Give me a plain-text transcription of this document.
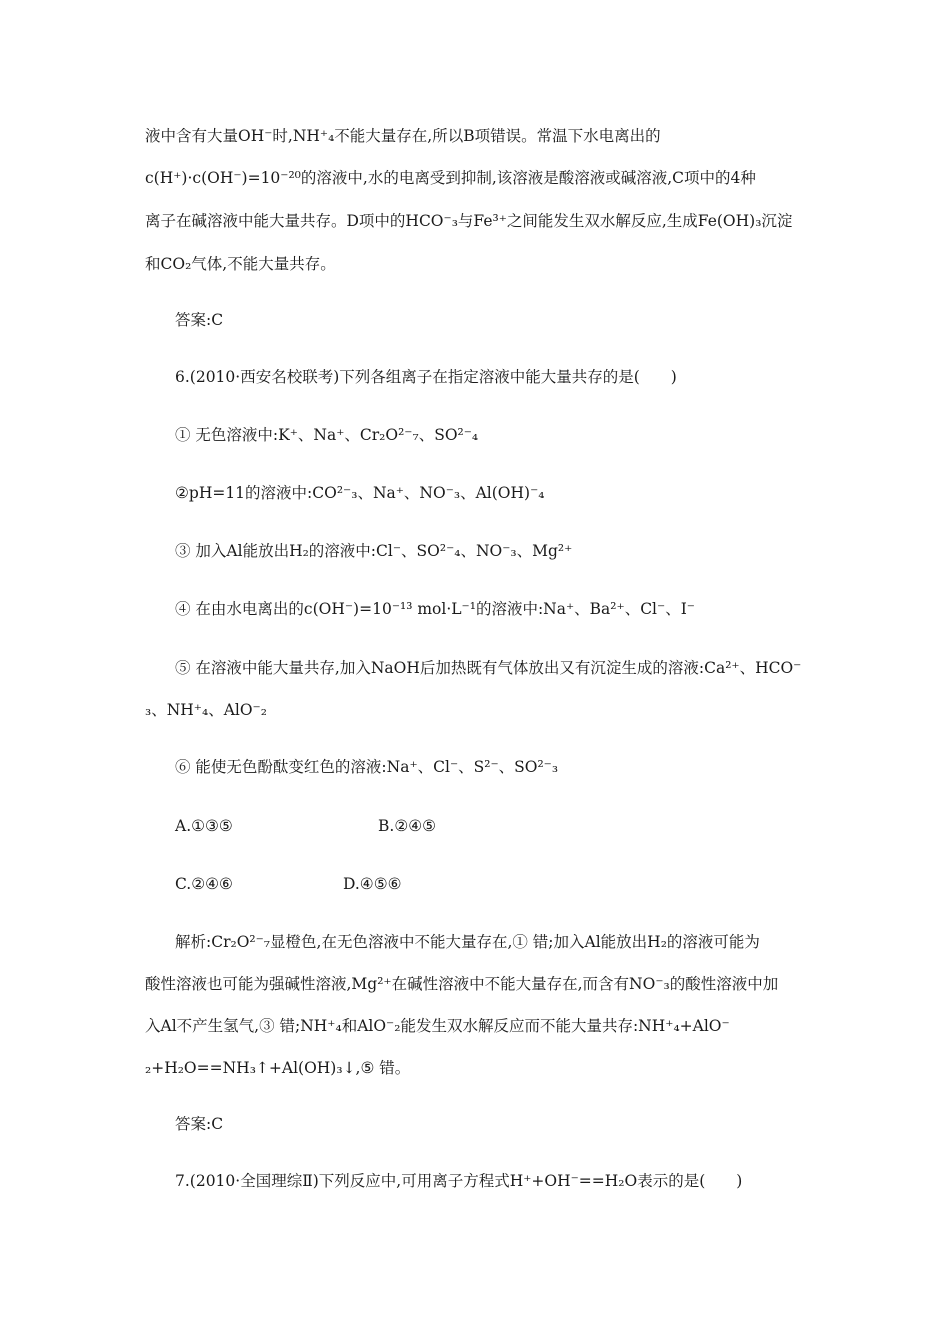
液中含有大量OH⁻时,NH⁺₄不能大量存在,所以B项错误。常温下水电离出的
c(H⁺)·c(OH⁻)=10⁻²⁰的溶液中,水的电离受到抑制,该溶液是酸溶液或碱溶液,C项中的4种
离子在碱溶液中能大量共存。D项中的HCO⁻₃与Fe³⁺之间能发生双水解反应,生成Fe(OH)₃沉淀
和CO₂气体,不能大量共存。
答案:C
6.(2010·西安名校联考)下列各组离子在指定溶液中能大量共存的是(　　)
① 无色溶液中:K⁺、Na⁺、Cr₂O²⁻₇、SO²⁻₄
②pH=11的溶液中:CO²⁻₃、Na⁺、NO⁻₃、Al(OH)⁻₄
③ 加入Al能放出H₂的溶液中:Cl⁻、SO²⁻₄、NO⁻₃、Mg²⁺
④ 在由水电离出的c(OH⁻)=10⁻¹³ mol·L⁻¹的溶液中:Na⁺、Ba²⁺、Cl⁻、I⁻
⑤ 在溶液中能大量共存,加入NaOH后加热既有气体放出又有沉淀生成的溶液:Ca²⁺、HCO⁻
₃、NH⁺₄、AlO⁻₂
⑥ 能使无色酚酞变红色的溶液:Na⁺、Cl⁻、S²⁻、SO²⁻₃
A.①③⑤	B.②④⑤
C.②④⑥	D.④⑤⑥
解析:Cr₂O²⁻₇显橙色,在无色溶液中不能大量存在,① 错;加入Al能放出H₂的溶液可能为
酸性溶液也可能为强碱性溶液,Mg²⁺在碱性溶液中不能大量存在,而含有NO⁻₃的酸性溶液中加
入Al不产生氢气,③ 错;NH⁺₄和AlO⁻₂能发生双水解反应而不能大量共存:NH⁺₄+AlO⁻
₂+H₂O==NH₃↑+Al(OH)₃↓,⑤ 错。
答案:C
7.(2010·全国理综Ⅱ)下列反应中,可用离子方程式H⁺+OH⁻==H₂O表示的是(　　)
